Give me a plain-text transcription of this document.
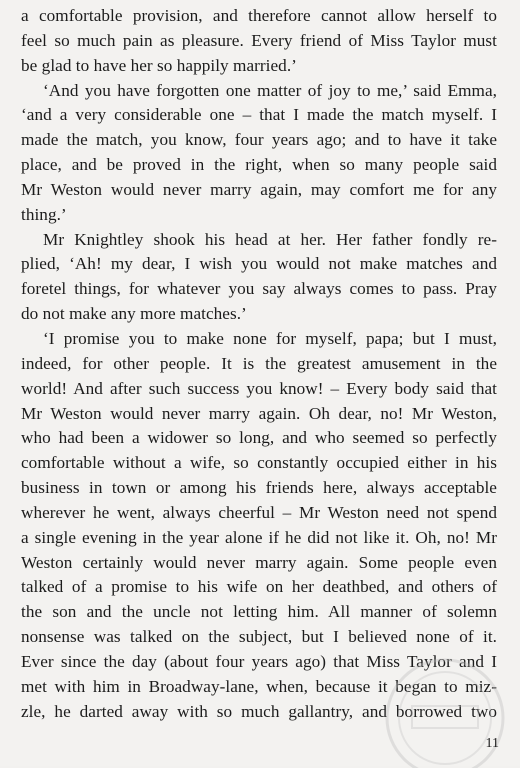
a comfortable provision, and therefore cannot allow herself to
feel so much pain as pleasure. Every friend of Miss Taylor must
be glad to have her so happily married.’
‘And you have forgotten one matter of joy to me,’ said Emma,
‘and a very considerable one – that I made the match myself. I
made the match, you know, four years ago; and to have it take
place, and be proved in the right, when so many people said
Mr Weston would never marry again, may comfort me for any
thing.’
Mr Knightley shook his head at her. Her father fondly re-
plied, ‘Ah! my dear, I wish you would not make matches and
foretel things, for whatever you say always comes to pass. Pray
do not make any more matches.’
‘I promise you to make none for myself, papa; but I must,
indeed, for other people. It is the greatest amusement in the
world! And after such success you know! – Every body said that
Mr Weston would never marry again. Oh dear, no! Mr Weston,
who had been a widower so long, and who seemed so perfectly
comfortable without a wife, so constantly occupied either in his
business in town or among his friends here, always acceptable
wherever he went, always cheerful – Mr Weston need not spend
a single evening in the year alone if he did not like it. Oh, no! Mr
Weston certainly would never marry again. Some people even
talked of a promise to his wife on her deathbed, and others of
the son and the uncle not letting him. All manner of solemn
nonsense was talked on the subject, but I believed none of it.
Ever since the day (about four years ago) that Miss Taylor and I
met with him in Broadway-lane, when, because it began to miz-
zle, he darted away with so much gallantry, and borrowed two
11
